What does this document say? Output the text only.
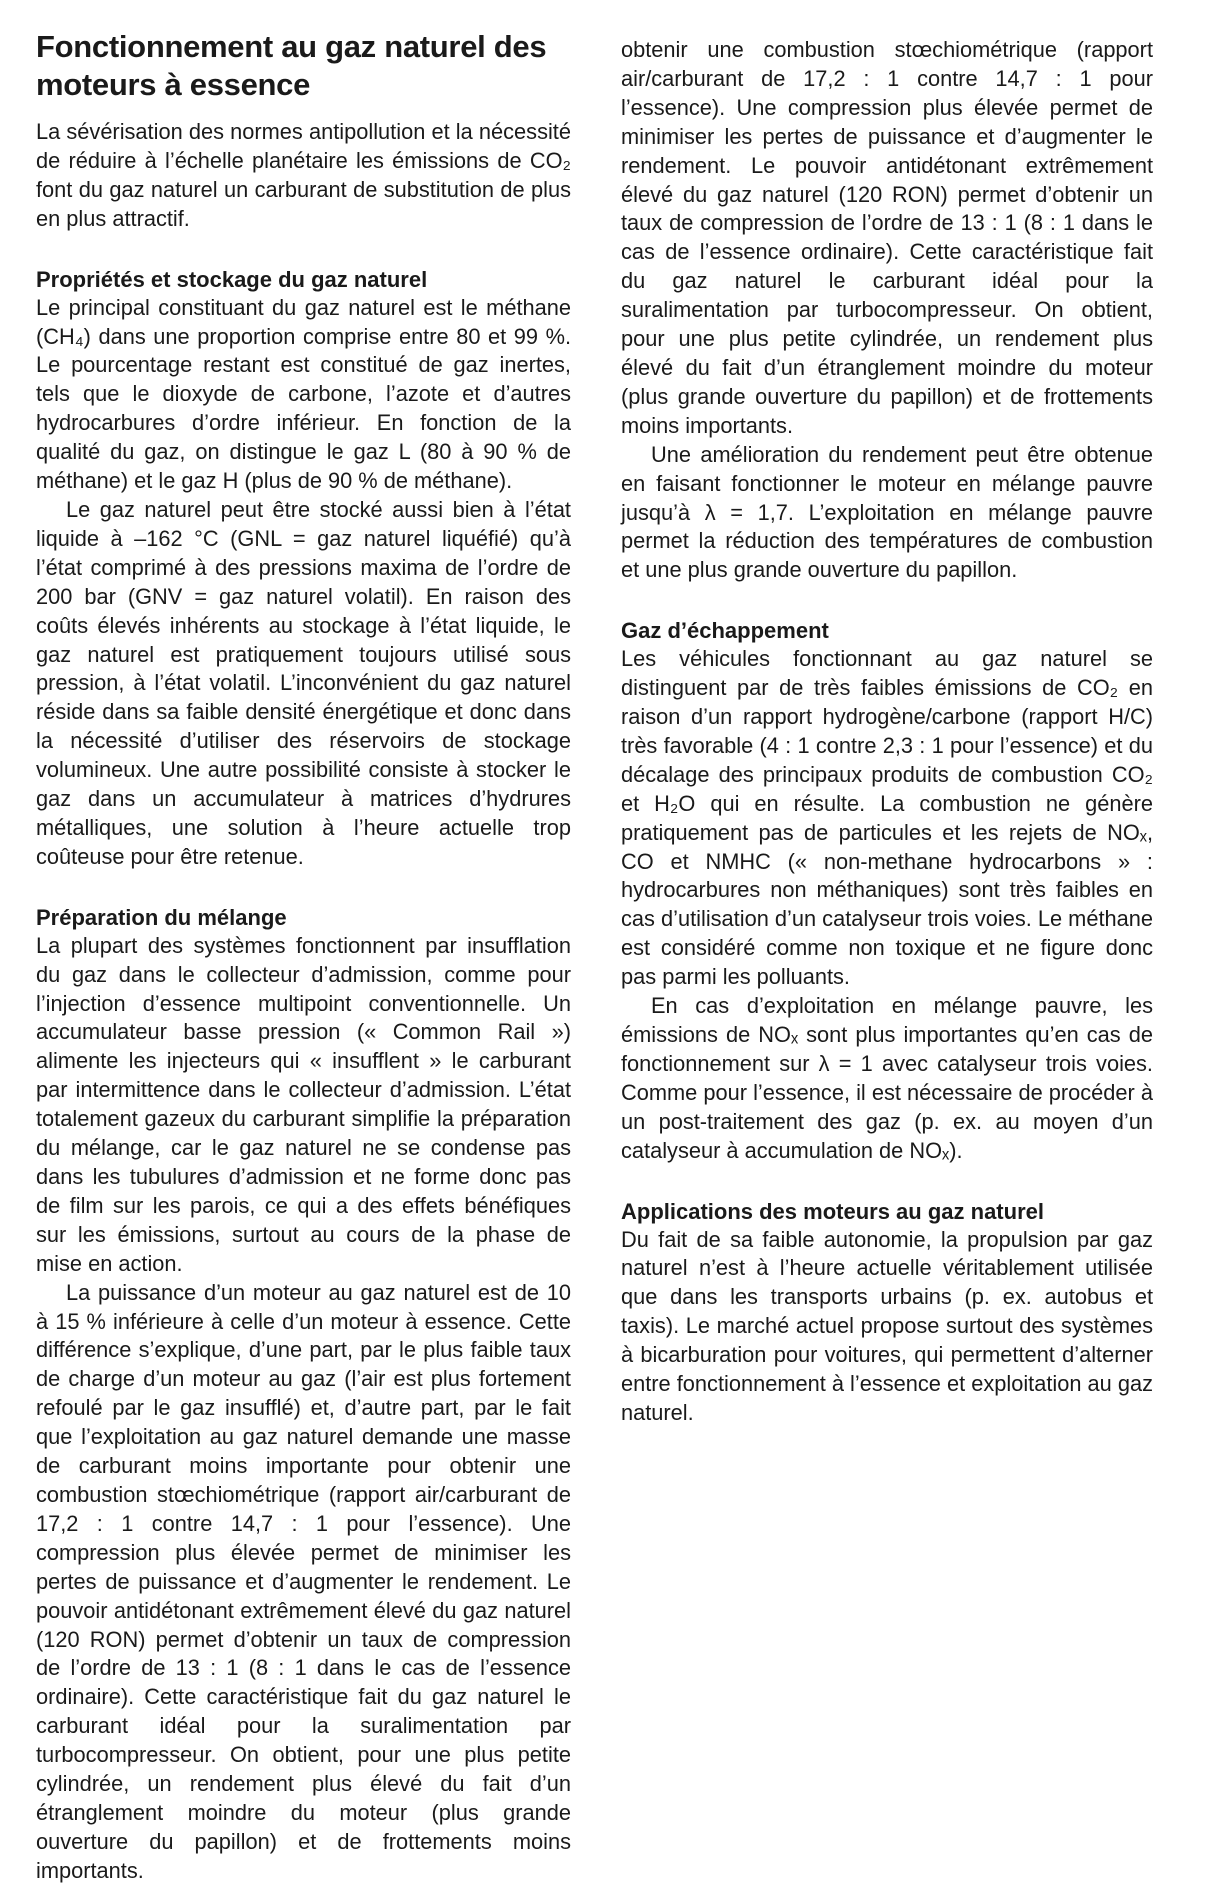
Fonctionnement au gaz naturel des moteurs à essence

La sévérisation des normes antipollution et la nécessité de réduire à l’échelle planétaire les émissions de CO₂ font du gaz naturel un carburant de substitution de plus en plus attractif.

Propriétés et stockage du gaz naturel

Le principal constituant du gaz naturel est le méthane (CH₄) dans une proportion comprise entre 80 et 99 %. Le pourcentage restant est constitué de gaz inertes, tels que le dioxyde de carbone, l’azote et d’autres hydrocarbures d’ordre inférieur. En fonction de la qualité du gaz, on distingue le gaz L (80 à 90 % de méthane) et le gaz H (plus de 90 % de méthane).

Le gaz naturel peut être stocké aussi bien à l’état liquide à –162 °C (GNL = gaz naturel liquéfié) qu’à l’état comprimé à des pressions maxima de l’ordre de 200 bar (GNV = gaz naturel volatil). En raison des coûts élevés inhérents au stockage à l’état liquide, le gaz naturel est pratiquement toujours utilisé sous pression, à l’état volatil. L’inconvénient du gaz naturel réside dans sa faible densité énergétique et donc dans la nécessité d’utiliser des réservoirs de stockage volumineux. Une autre possibilité consiste à stocker le gaz dans un accumulateur à matrices d’hydrures métalliques, une solution à l’heure actuelle trop coûteuse pour être retenue.

Préparation du mélange

La plupart des systèmes fonctionnent par insufflation du gaz dans le collecteur d’admission, comme pour l’injection d’essence multipoint conventionnelle. Un accumulateur basse pression (« Common Rail ») alimente les injecteurs qui « insufflent » le carburant par intermittence dans le collecteur d’admission. L’état totalement gazeux du carburant simplifie la préparation du mélange, car le gaz naturel ne se condense pas dans les tubulures d’admission et ne forme donc pas de film sur les parois, ce qui a des effets bénéfiques sur les émissions, surtout au cours de la phase de mise en action.

La puissance d’un moteur au gaz naturel est de 10 à 15 % inférieure à celle d’un moteur à essence. Cette différence s’explique, d’une part, par le plus faible taux de charge d’un moteur au gaz (l’air est plus fortement refoulé par le gaz insufflé) et, d’autre part, par le fait que l’exploitation au gaz naturel demande une masse de carburant moins importante pour obtenir une combustion stœchiométrique (rapport air/carburant de 17,2 : 1 contre 14,7 : 1 pour l’essence). Une compression plus élevée permet de minimiser les pertes de puissance et d’augmenter le rendement. Le pouvoir antidétonant extrêmement élevé du gaz naturel (120 RON) permet d’obtenir un taux de compression de l’ordre de 13 : 1 (8 : 1 dans le cas de l’essence ordinaire). Cette caractéristique fait du gaz naturel le carburant idéal pour la suralimentation par turbocompresseur. On obtient, pour une plus petite cylindrée, un rendement plus élevé du fait d’un étranglement moindre du moteur (plus grande ouverture du papillon) et de frottements moins importants.

obtenir une combustion stœchiométrique (rapport air/carburant de 17,2 : 1 contre 14,7 : 1 pour l’essence). Une compression plus élevée permet de minimiser les pertes de puissance et d’augmenter le rendement. Le pouvoir antidétonant extrêmement élevé du gaz naturel (120 RON) permet d’obtenir un taux de compression de l’ordre de 13 : 1 (8 : 1 dans le cas de l’essence ordinaire). Cette caractéristique fait du gaz naturel le carburant idéal pour la suralimentation par turbocompresseur. On obtient, pour une plus petite cylindrée, un rendement plus élevé du fait d’un étranglement moindre du moteur (plus grande ouverture du papillon) et de frottements moins importants.

Une amélioration du rendement peut être obtenue en faisant fonctionner le moteur en mélange pauvre jusqu’à λ = 1,7. L’exploitation en mélange pauvre permet la réduction des températures de combustion et une plus grande ouverture du papillon.

Gaz d’échappement

Les véhicules fonctionnant au gaz naturel se distinguent par de très faibles émissions de CO₂ en raison d’un rapport hydrogène/carbone (rapport H/C) très favorable (4 : 1 contre 2,3 : 1 pour l’essence) et du décalage des principaux produits de combustion CO₂ et H₂O qui en résulte. La combustion ne génère pratiquement pas de particules et les rejets de NOₓ, CO et NMHC (« non-methane hydrocarbons » : hydrocarbures non méthaniques) sont très faibles en cas d’utilisation d’un catalyseur trois voies. Le méthane est considéré comme non toxique et ne figure donc pas parmi les polluants.

En cas d’exploitation en mélange pauvre, les émissions de NOₓ sont plus importantes qu’en cas de fonctionnement sur λ = 1 avec catalyseur trois voies. Comme pour l’essence, il est nécessaire de procéder à un post-traitement des gaz (p. ex. au moyen d’un catalyseur à accumulation de NOₓ).

Applications des moteurs au gaz naturel

Du fait de sa faible autonomie, la propulsion par gaz naturel n’est à l’heure actuelle véritablement utilisée que dans les transports urbains (p. ex. autobus et taxis). Le marché actuel propose surtout des systèmes à bicarburation pour voitures, qui permettent d’alterner entre fonctionnement à l’essence et exploitation au gaz naturel.
